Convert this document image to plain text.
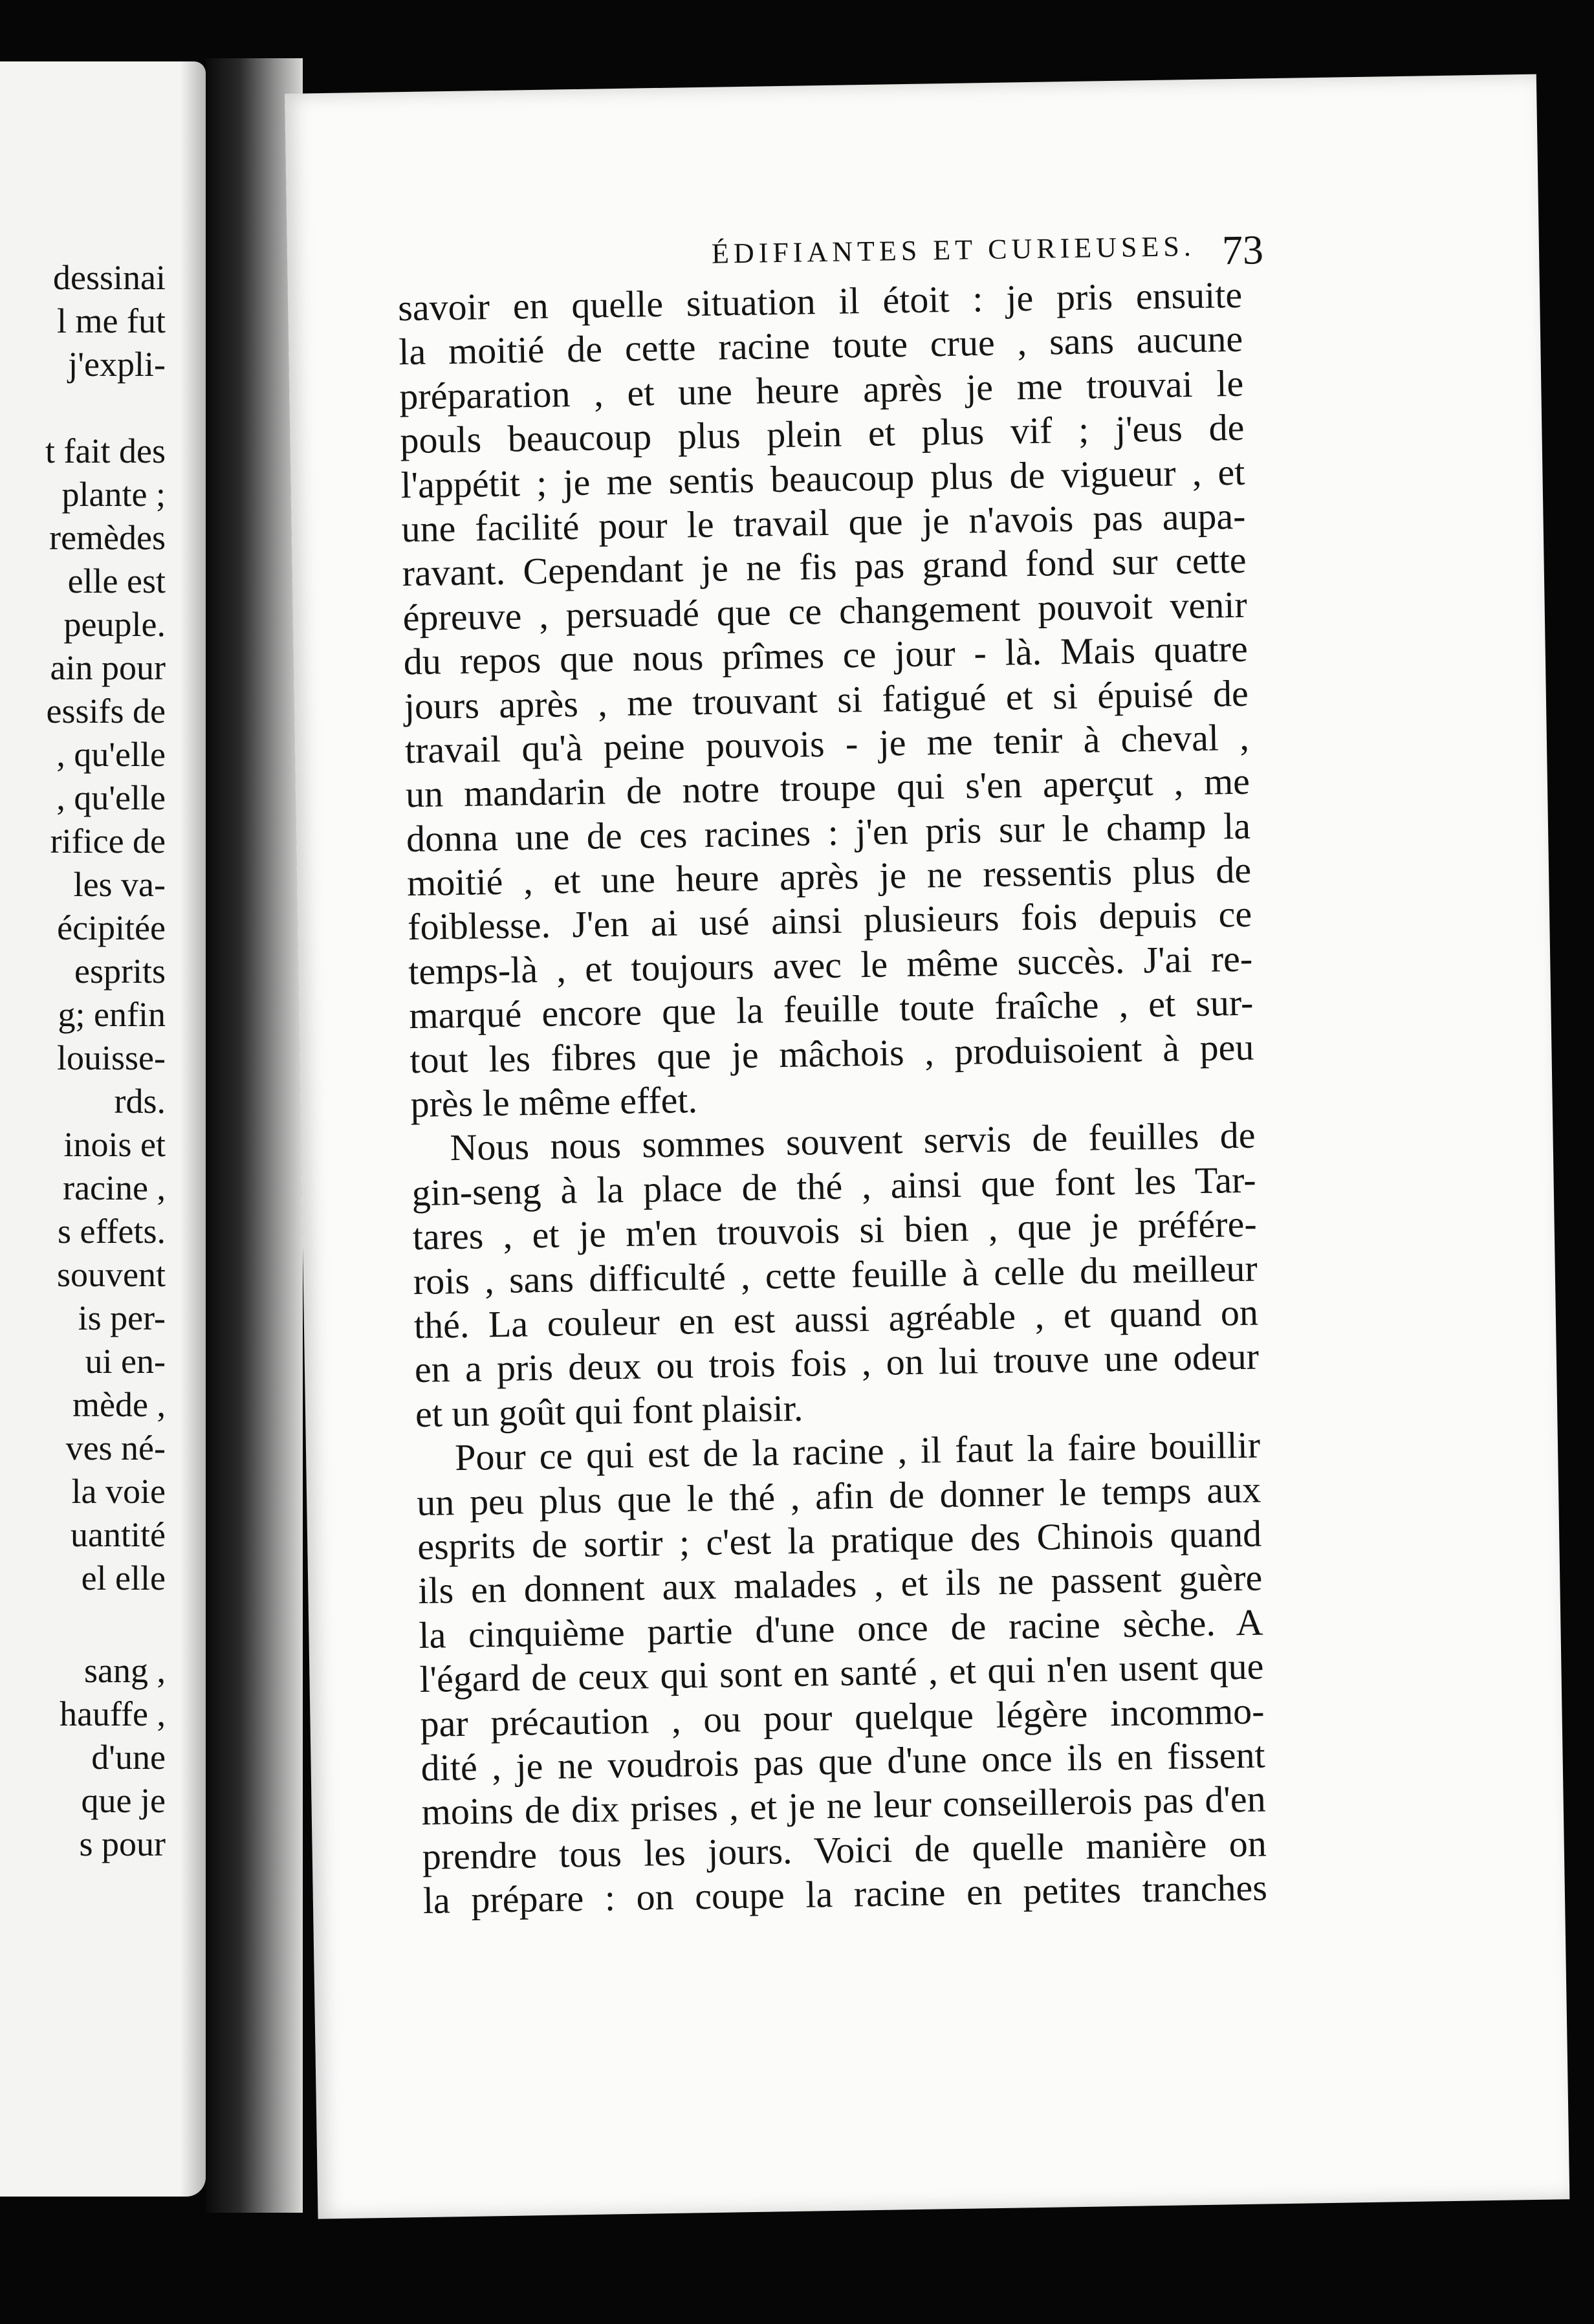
dessinai
l me fut
j'expli-
t fait des
plante ;
remèdes
elle est
peuple.
ain pour
essifs de
, qu'elle
, qu'elle
rifice de
les va-
écipitée
esprits
g; enfin
louisse-
rds.
inois et
racine ,
s effets.
souvent
is per-
ui en-
mède ,
ves né-
la voie
uantité
el elle
sang ,
hauffe ,
d'une
que je
s pour
ÉDIFIANTES ET CURIEUSES. 73
savoir en quelle situation il étoit : je pris ensuite
la moitié de cette racine toute crue , sans aucune
préparation , et une heure après je me trouvai le
pouls beaucoup plus plein et plus vif ; j'eus de
l'appétit ; je me sentis beaucoup plus de vigueur , et
une facilité pour le travail que je n'avois pas aupa-
ravant. Cependant je ne fis pas grand fond sur cette
épreuve , persuadé que ce changement pouvoit venir
du repos que nous prîmes ce jour - là. Mais quatre
jours après , me trouvant si fatigué et si épuisé de
travail qu'à peine pouvois - je me tenir à cheval ,
un mandarin de notre troupe qui s'en aperçut , me
donna une de ces racines : j'en pris sur le champ la
moitié , et une heure après je ne ressentis plus de
foiblesse. J'en ai usé ainsi plusieurs fois depuis ce
temps-là , et toujours avec le même succès. J'ai re-
marqué encore que la feuille toute fraîche , et sur-
tout les fibres que je mâchois , produisoient à peu
près le même effet.
Nous nous sommes souvent servis de feuilles de
gin-seng à la place de thé , ainsi que font les Tar-
tares , et je m'en trouvois si bien , que je préfére-
rois , sans difficulté , cette feuille à celle du meilleur
thé. La couleur en est aussi agréable , et quand on
en a pris deux ou trois fois , on lui trouve une odeur
et un goût qui font plaisir.
Pour ce qui est de la racine , il faut la faire bouillir
un peu plus que le thé , afin de donner le temps aux
esprits de sortir ; c'est la pratique des Chinois quand
ils en donnent aux malades , et ils ne passent guère
la cinquième partie d'une once de racine sèche. A
l'égard de ceux qui sont en santé , et qui n'en usent que
par précaution , ou pour quelque légère incommo-
dité , je ne voudrois pas que d'une once ils en fissent
moins de dix prises , et je ne leur conseillerois pas d'en
prendre tous les jours. Voici de quelle manière on
la prépare : on coupe la racine en petites tranches
